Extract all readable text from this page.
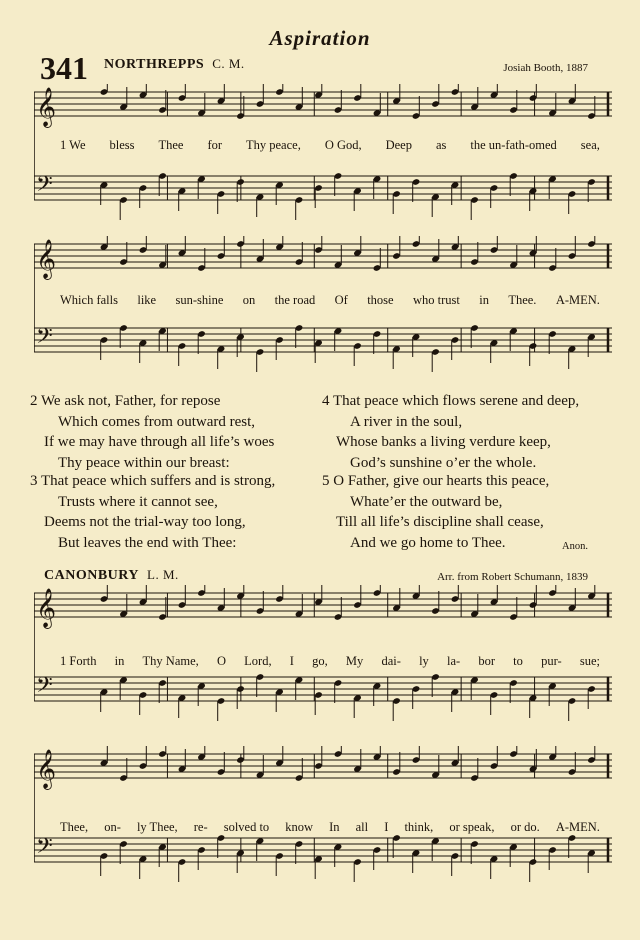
Aspiration
341 NORTHREPPS C. M.	Josiah Booth, 1887
𝄞
𝄢
𝄞
𝄢
𝄞
𝄢
𝄞
𝄢
1 We bless Thee for Thy peace, O God, Deep as the un-fath-omed sea,
Which falls like sun-shine on the road Of those who trust in Thee. A-MEN.
1 Forth in Thy Name, O Lord, I go, My dai- ly la- bor to pur- sue;
Thee, on- ly Thee, re- solved to know In all I think, or speak, or do. A-MEN.
2 We ask not, Father, for repose
Which comes from outward rest,
If we may have through all life’s woes
Thy peace within our breast:
3 That peace which suffers and is strong,
Trusts where it cannot see,
Deems not the trial-way too long,
But leaves the end with Thee:
4 That peace which flows serene and deep,
A river in the soul,
Whose banks a living verdure keep,
God’s sunshine o’er the whole.
5 O Father, give our hearts this peace,
Whate’er the outward be,
Till all life’s discipline shall cease,
And we go home to Thee.	Anon.
CANONBURY L. M.	Arr. from Robert Schumann, 1839
